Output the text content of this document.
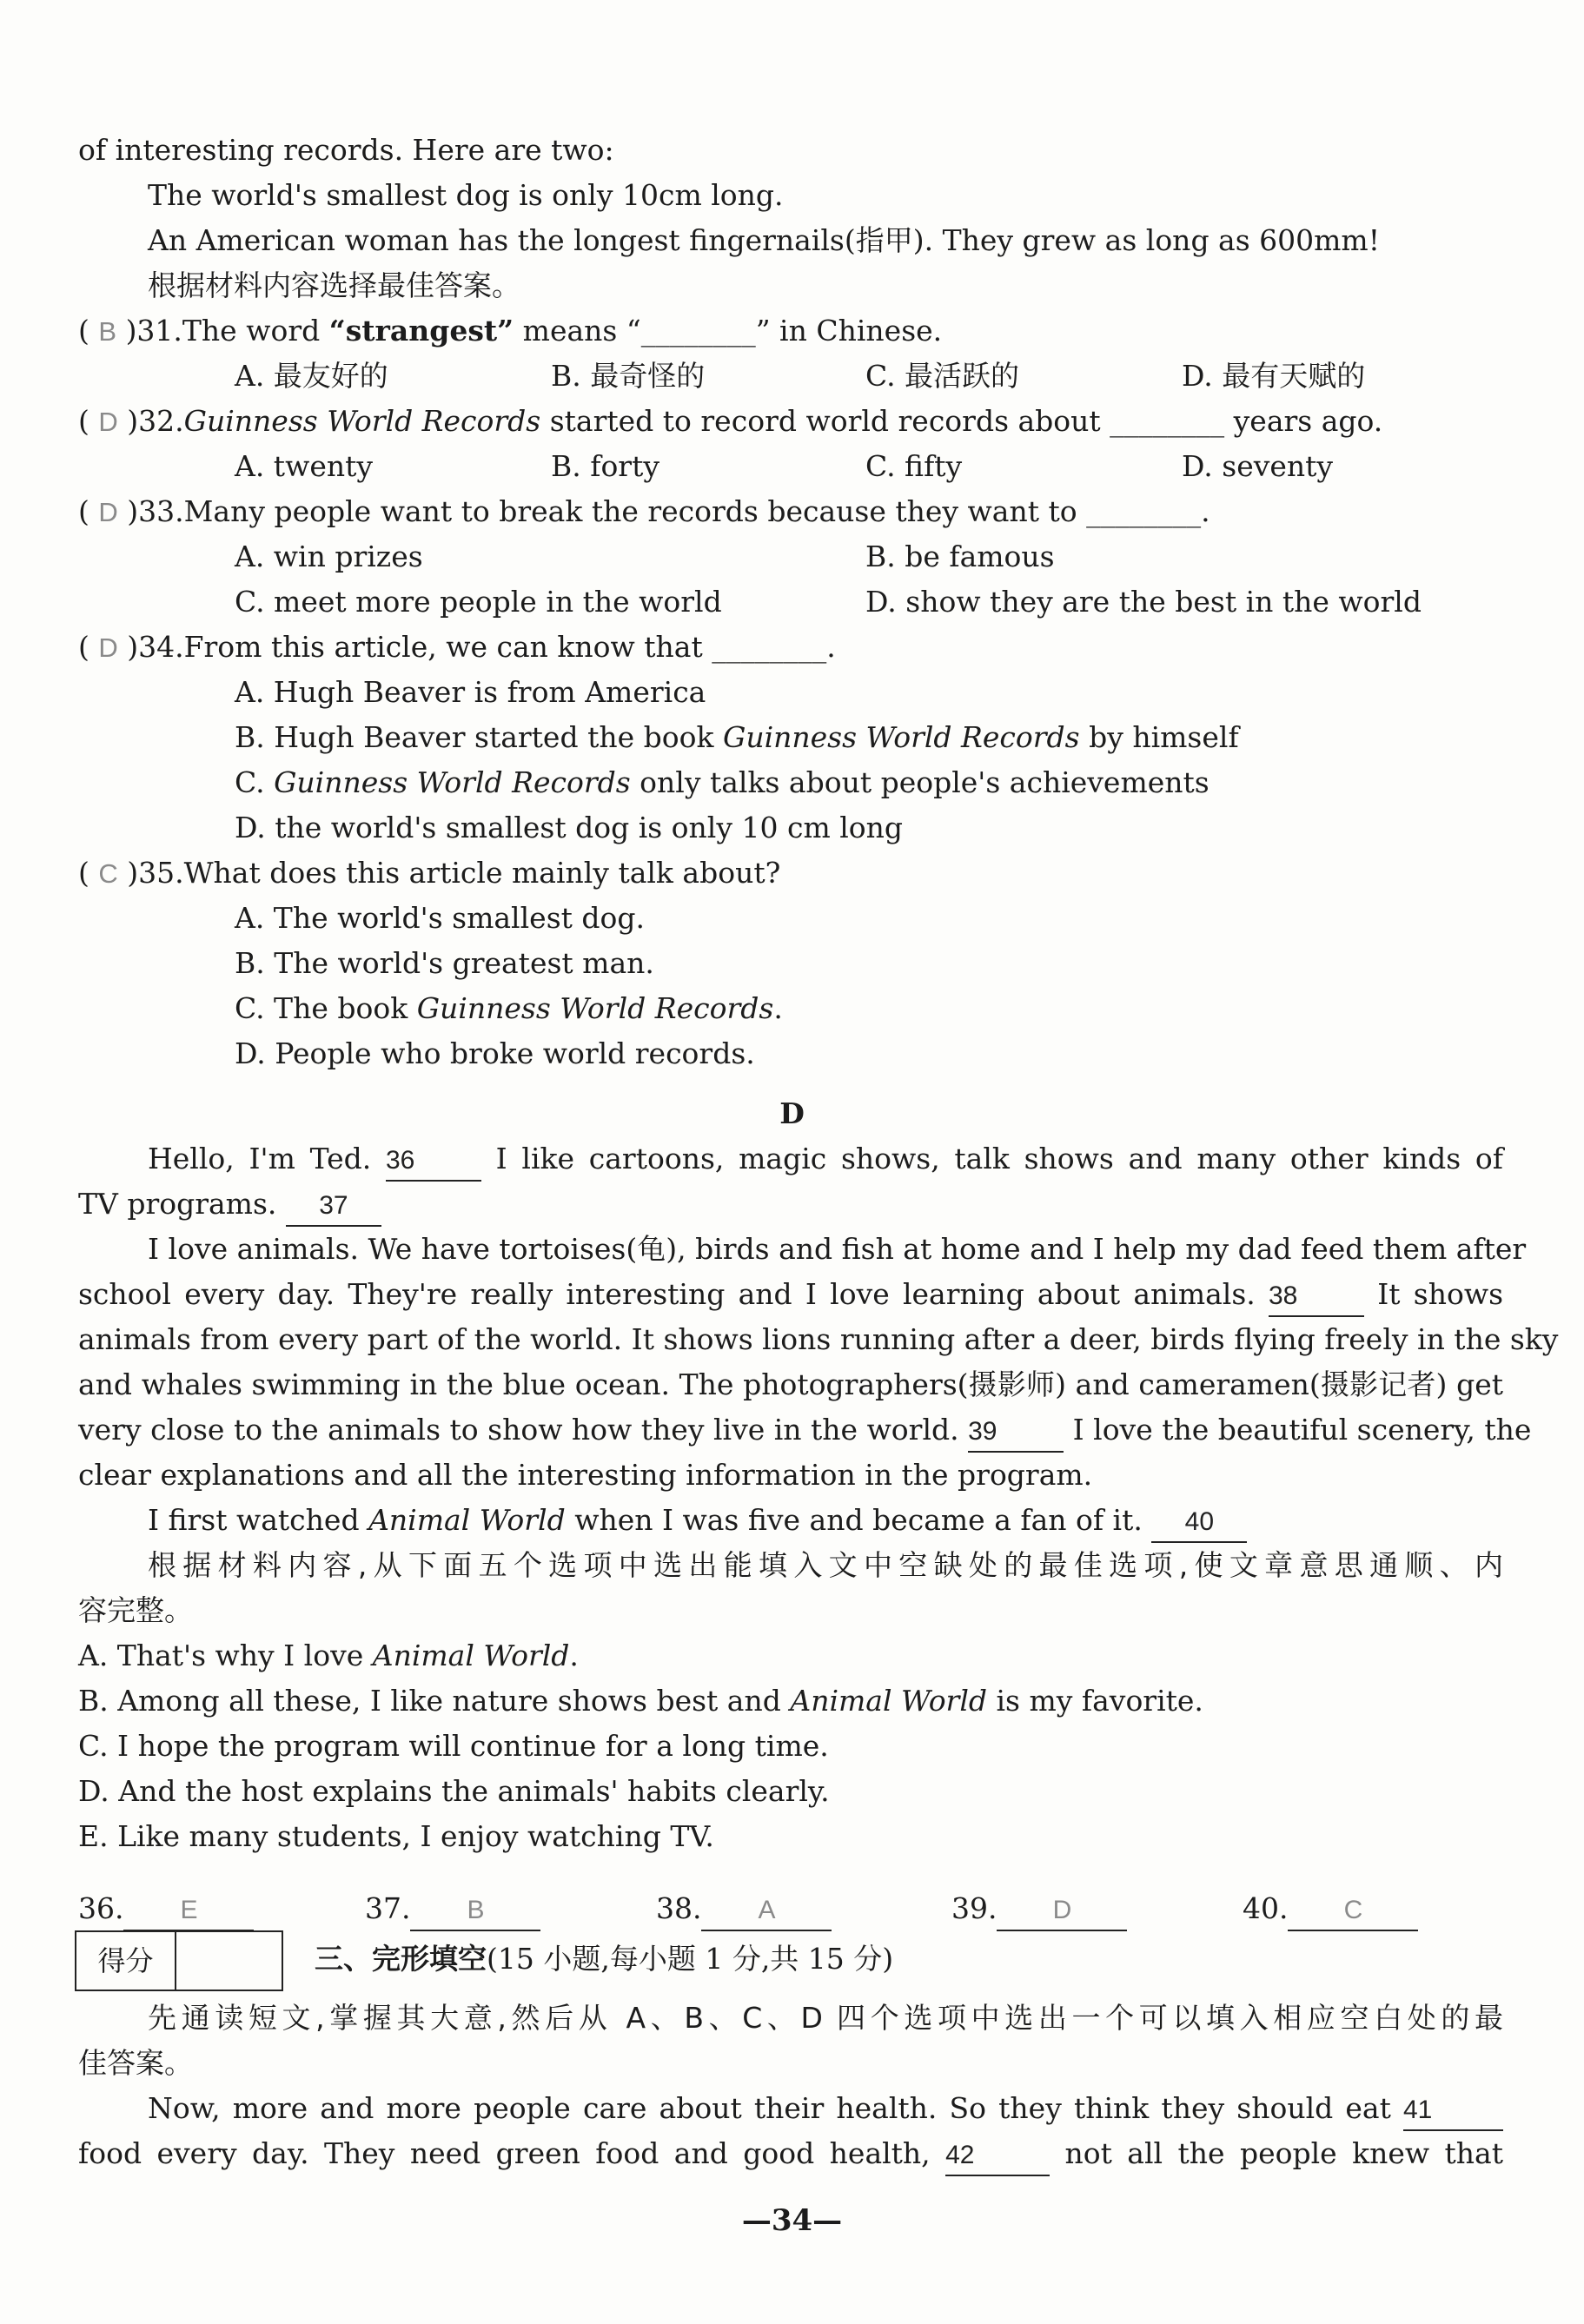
of interesting records. Here are two:
The world's smallest dog is only 10cm long.
An American woman has the longest fingernails(指甲). They grew as long as 600mm!
根据材料内容选择最佳答案。
( B )31.The word “strangest” means “________” in Chinese.
A. 最友好的	B. 最奇怪的	C. 最活跃的	D. 最有天赋的
( D )32.Guinness World Records started to record world records about ________ years ago.
A. twenty	B. forty	C. fifty	D. seventy
( D )33.Many people want to break the records because they want to ________.
A. win prizes	B. be famous
C. meet more people in the world	D. show they are the best in the world
( D )34.From this article, we can know that ________.
A. Hugh Beaver is from America
B. Hugh Beaver started the book Guinness World Records by himself
C. Guinness World Records only talks about people's achievements
D. the world's smallest dog is only 10 cm long
( C )35.What does this article mainly talk about?
A. The world's smallest dog.
B. The world's greatest man.
C. The book Guinness World Records.
D. People who broke world records.
D
Hello, I'm Ted. 36 I like cartoons, magic shows, talk shows and many other kinds of
TV programs. 37
I love animals. We have tortoises(龟), birds and fish at home and I help my dad feed them after
school every day. They're really interesting and I love learning about animals. 38 It shows
animals from every part of the world. It shows lions running after a deer, birds flying freely in the sky
and whales swimming in the blue ocean. The photographers(摄影师) and cameramen(摄影记者) get
very close to the animals to show how they live in the world. 39 I love the beautiful scenery, the
clear explanations and all the interesting information in the program.
I first watched Animal World when I was five and became a fan of it. 40
根据材料内容,从下面五个选项中选出能填入文中空缺处的最佳选项,使文章意思通顺、内
容完整。
A. That's why I love Animal World.
B. Among all these, I like nature shows best and Animal World is my favorite.
C. I hope the program will continue for a long time.
D. And the host explains the animals' habits clearly.
E. Like many students, I enjoy watching TV.
36. E	37. B	38. A	39. D	40. C
得分	三、完形填空(15 小题,每小题 1 分,共 15 分)
先通读短文,掌握其大意,然后从 A、B、C、D 四个选项中选出一个可以填入相应空白处的最
佳答案。
Now, more and more people care about their health. So they think they should eat 41
food every day. They need green food and good health, 42	not all the people knew that
—34—
